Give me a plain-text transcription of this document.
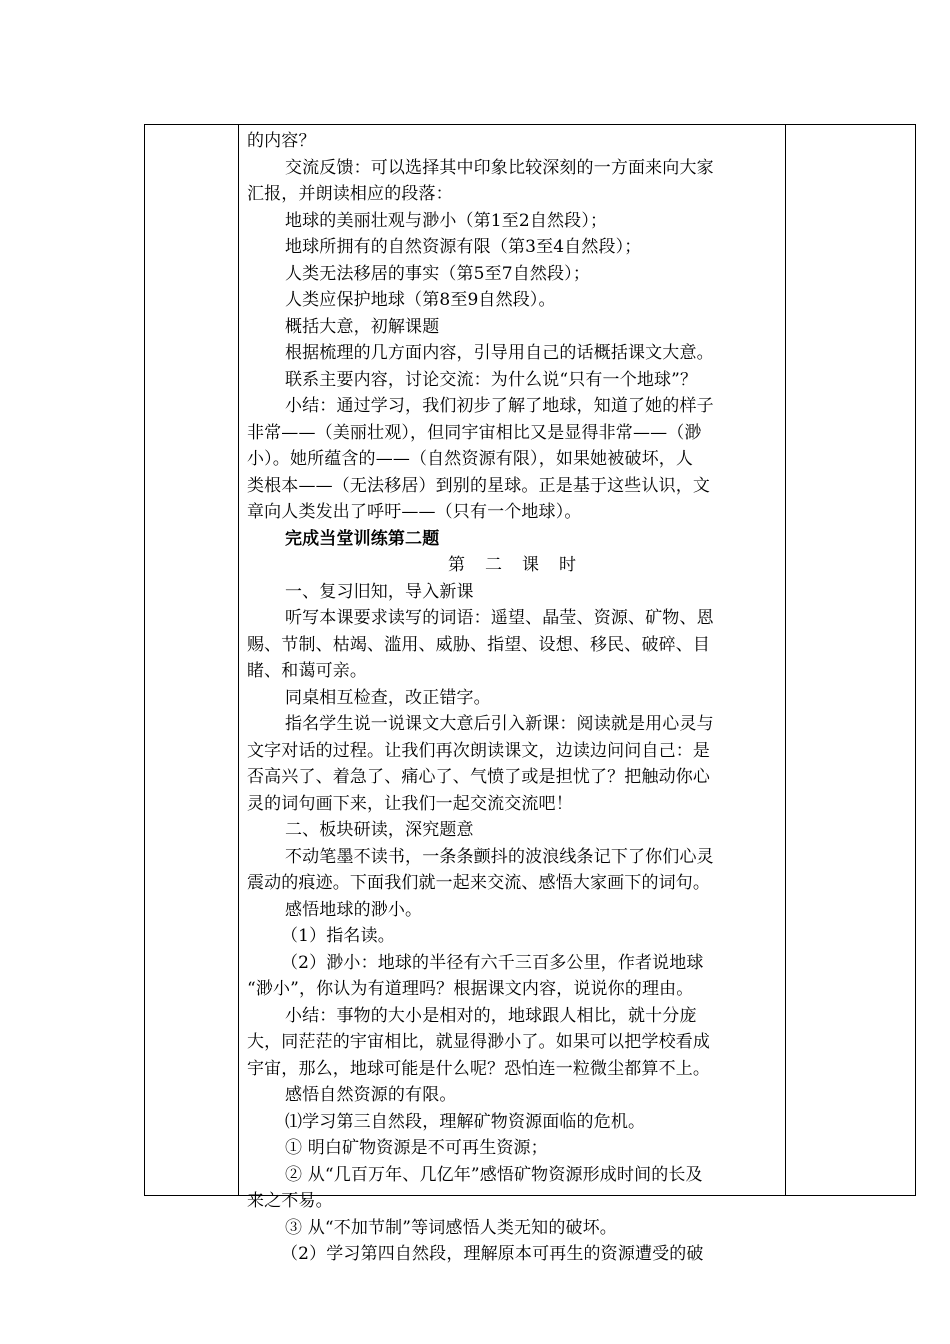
的内容？
交流反馈：可以选择其中印象比较深刻的一方面来向大家
汇报，并朗读相应的段落：
地球的美丽壮观与渺小（第1至2自然段）；
地球所拥有的自然资源有限（第3至4自然段）；
人类无法移居的事实（第5至7自然段）；
人类应保护地球（第8至9自然段）。
概括大意，初解课题
根据梳理的几方面内容，引导用自己的话概括课文大意。
联系主要内容，讨论交流：为什么说“只有一个地球”？
小结：通过学习，我们初步了解了地球，知道了她的样子
非常——（美丽壮观），但同宇宙相比又是显得非常——（渺
小）。她所蕴含的——（自然资源有限），如果她被破坏，人
类根本——（无法移居）到别的星球。正是基于这些认识，文
章向人类发出了呼吁——（只有一个地球）。
完成当堂训练第二题
第二课时
一、复习旧知，导入新课
听写本课要求读写的词语：遥望、晶莹、资源、矿物、恩
赐、节制、枯竭、滥用、威胁、指望、设想、移民、破碎、目
睹、和蔼可亲。
同桌相互检查，改正错字。
指名学生说一说课文大意后引入新课：阅读就是用心灵与
文字对话的过程。让我们再次朗读课文，边读边问问自己：是
否高兴了、着急了、痛心了、气愤了或是担忧了？把触动你心
灵的词句画下来，让我们一起交流交流吧！
二、板块研读，深究题意
不动笔墨不读书，一条条颤抖的波浪线条记下了你们心灵
震动的痕迹。下面我们就一起来交流、感悟大家画下的词句。
感悟地球的渺小。
（1）指名读。
（2）渺小：地球的半径有六千三百多公里，作者说地球
“渺小”，你认为有道理吗？根据课文内容，说说你的理由。
小结：事物的大小是相对的，地球跟人相比，就十分庞
大，同茫茫的宇宙相比，就显得渺小了。如果可以把学校看成
宇宙，那么，地球可能是什么呢？恐怕连一粒微尘都算不上。
感悟自然资源的有限。
⑴学习第三自然段，理解矿物资源面临的危机。
① 明白矿物资源是不可再生资源；
② 从“几百万年、几亿年”感悟矿物资源形成时间的长及
来之不易。
③ 从“不加节制”等词感悟人类无知的破坏。
（2）学习第四自然段，理解原本可再生的资源遭受的破
